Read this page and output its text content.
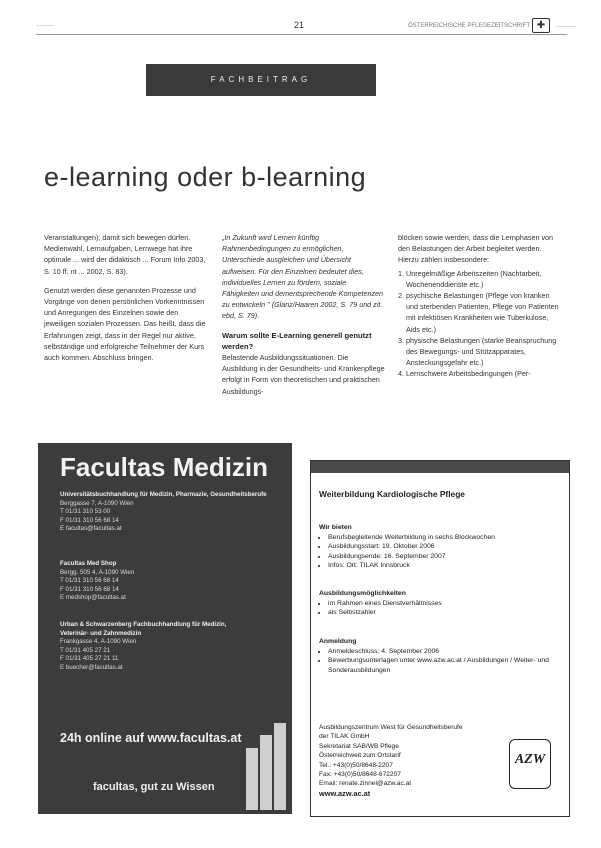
...........	21	ÖSTERREICHISCHE PFLEGEZEITSCHRIFT ✚	............
FACHBEITRAG
e-learning oder b-learning

Veranstaltungen), damit sich bewegen dürfen. Medienwahl, Lernaufgaben, Lernwege hat ihre optimale ... wird der didaktisch ... Forum Info 2003, S. 10 ff. nt ... 2002, S. 83).

Genutzt werden diese genannten Prozesse und Vorgänge von denen persönlichen Vorkenntnissen und Anregungen des Einzelnen sowie den jeweiligen sozialen Prozessen. Das heißt, dass die Erfahrungen zeigt, dass in der Regel nur aktive, selbständige und erfolgreiche Teilnehmer der Kurs auch kommen. Abschluss bringen.

„In Zukunft wird Lernen künftig Rahmenbedingungen zu ermöglichen, Unterschiede ausgleichen und Übersicht aufweisen. Für den Einzelnen bedeutet dies, individuelles Lernen zu fördern, soziale Fähigkeiten und dementsprechende Kompetenzen zu entwickeln " (Glanz/Haaren 2002, S. 79 und zit. ebd, S. 79).

Warum sollte E-Learning generell genutzt werden?

Belastende Ausbildungssituationen. Die Ausbildung in der Gesundheits- und Krankenpflege erfolgt in Form von theoretischen und praktischen Ausbildungs-

blöcken sowie werden, dass die Lernphasen von den Belastungen der Arbeit begleitet werden. Hierzu zählen insbesondere:

1. Unregelmäßige Arbeitszeiten (Nachtarbeit, Wochenenddienste etc.)
2. psychische Belastungen (Pflege von kranken und sterbenden Patienten, Pflege von Patienten mit infektiösen Krankheiten wie Tuberkulose, Aids etc.)
3. physische Belastungen (starke Beanspruchung des Bewegungs- und Stützapparates, Ansteckungsgefahr etc.)
4. Lernschwere Arbeitsbedingungen (Per-
Facultas Medizin
Universitätsbuchhandlung für Medizin, Pharmazie, Gesundheitsberufe
Berggasse 7, A-1090 Wien
T 01/31 310 53 00
F 01/31 310 56 68 14
E facultas@facultas.at
Facultas Med Shop
Bergg. 505 4, A-1090 Wien
T 01/31 310 56 68 14
F 01/31 310 56 68 14
E medshop@facultas.at
Urban & Schwarzenberg Fachbuchhandlung für Medizin, Veterinär- und Zahnmedizin
Frankgasse 4, A-1090 Wien
T 01/31 405 27 21
F 01/31 405 27 21 11
E buecher@facultas.at
24h online auf www.facultas.at
facultas, gut zu Wissen
Weiterbildung Kardiologische Pflege
Wir bieten
• Berufsbegleitende Weiterbildung in sechs Blockwochen
• Ausbildungsstart: 19. Oktober 2006
• Ausbildungsende: 16. September 2007
• Infos: Ort: TILAK Innsbruck
Ausbildungsmöglichkeiten
• im Rahmen eines Dienstverhältnisses
• als Selbstzahler
Anmeldung
• Anmeldeschluss: 4. September 2006
• Bewerbungsunterlagen unter www.azw.ac.at / Ausbildungen / Weiter- und Sonderausbildungen
Ausbildungszentrum West für Gesundheitsberufe
der TILAK GmbH
Sekretariat SAB/WB Pflege
Österreichweit zum Ortstarif
Tel.: +43(0)50/8648-2207
Fax: +43(0)50/8648-672207
Email: renate.zinnel@azw.ac.at
www.azw.ac.at
AZW
